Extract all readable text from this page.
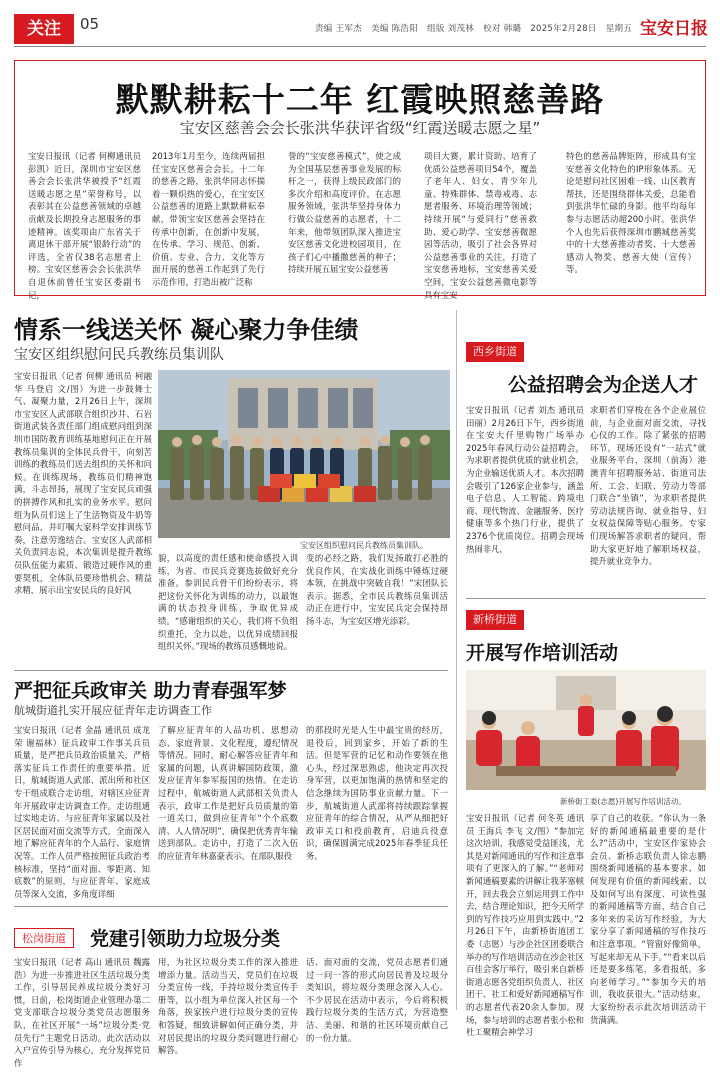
关注	05	责编 王军杰 美编 陈浩阳 组版 刘茂林 校对 韩璐 2025年2月28日 星期五 宝安日报
默默耕耘十二年 红霞映照慈善路
宝安区慈善会会长张洪华获评省级“红霞送暖志愿之星”
宝安日报讯（记者 何柳通讯员 彭凯）近日，深圳市宝安区慈善会会长张洪华被授予“红霞送暖志愿之星”荣誉称号，以表彰其在公益慈善领域的卓越贡献及长期投身志愿服务的事迹精神。该奖项由广东省关于离退休干部开展“银龄行动”的评选，全省仅38名志愿者上榜。宝安区慈善会会长张洪华自退休前曾任宝安区委副书记，
2013年1月至今，连续两届担任宝安区慈善会会长。十二年的慈善之路，张洪华同志怀揣着一颗炽热的爱心，在宝安区公益慈善的道路上默默耕耘奉献，带领宝安区慈善会坚持在传承中创新，在创新中发展，在传承、学习、规范、创新、价值、专业、合力、文化等方面开展的慈善工作起到了先行示范作用，打造出被广泛称
誉的“宝安慈善模式”，使之成为全国基层慈善事业发展的标杆之一，获得上级民政部门的多次介绍和高度评价。在志愿服务领域，张洪华坚持身体力行做公益慈善的志愿者，十二年来，他带领团队深入推进宝安区慈善文化进校园项目，在孩子们心中播撒慈善的种子；持续开展五届宝安公益慈善
项目大赛，累计资助、培育了优质公益慈善项目54个，覆盖了老年人、妇女、青少年儿童、特殊群体、禁毒戒毒、志愿者服务、环境治理等领域；持续开展“与爱同行”慈善救助、爱心助学、宝安慈善微愿园等活动，吸引了社会各界对公益慈善事业的关注，打造了宝安慈善地标，宝安慈善关爱空间，宝安公益慈善微电影等具有宝安
特色的慈善品牌矩阵，形成具有宝安慈善文化特色的IP形象体系。无论是慰问社区困难一线、山区教育帮扶，还是围绕群体关爱，总能看到张洪华忙碌的身影。他平均每年参与志愿活动超200小时。张洪华个人也先后获得深圳市鹏城慈善奖中的十大慈善推动者奖、十大慈善感动人物奖、慈善大使（宣传）等。
情系一线送关怀 凝心聚力争佳绩
宝安区组织慰问民兵教练员集训队
宝安区组织慰问民兵教练员集训队。
宝安日报讯（记者 何柳 通讯员 柯融华 马登启 文/图）为进一步鼓舞士气、凝聚力量，2月26日上午，深圳市宝安区人武部联合组织沙井、石岩街道武装各责任部门组成慰问组到深圳市国防教育训练基地慰问正在开展教练员集训的全体民兵骨干，向刻苦训练的教练员们送去组织的关怀和问候。在训练现场，教练员们精神饱满，斗志昂扬，展现了宝安民兵顽强的拼搏作风和扎实的业务水平。慰问组为队员们送上了生活物资及牛奶等慰问品，并叮嘱大家科学安排训练节奏，注意劳逸结合。宝安区人武部相关负责同志说，本次集训是提升教练员队伍能力素质、锻造过硬作风的重要契机，全体队员要珍惜机会、精益求精，展示出宝安民兵的良好风
貌，以高度的责任感和使命感投入训练，为省、市民兵竞赛选拔做好充分准备。参训民兵骨干们纷纷表示，将把这份关怀化为训练的动力，以最饱满的状态投身训练，争取优异成绩。“感谢组织的关心，我们将不负组织重托，全力以赴，以优异成绩回报组织关怀。”现场的教练员感慨地说。
变的必经之路，我们发扬敢打必胜的优良作风，在实战化训练中锤炼过硬本领，在挑战中突破自我！”宋团队长表示。据悉，全市民兵教练员集训活动正在进行中，宝安民兵定会保持昂扬斗志，为宝安区增光添彩。
西乡街道
公益招聘会为企送人才
宝安日报讯（记者 刘杰 通讯员 田丽）2月26日下午，西乡街道在宝安大仟里购物广场举办2025年春风行动公益招聘会，为求职者提供优质的就业机会，为企业输送优质人才。本次招聘会吸引了126家企业参与，涵盖电子信息、人工智能、跨境电商、现代物流、金融服务、医疗健康等多个热门行业，提供了2376个优质岗位。招聘会现场热闹非凡，
求职者们穿梭在各个企业展位前，与企业面对面交流，寻找心仪的工作。除了紧张的招聘环节，现场还设有“一站式”就业服务平台，深圳（前海）港澳青年招聘服务站、街道司法所、工会、妇联、劳动力等部门联合“坐镇”，为求职者提供劳动法规咨询、就业指导、妇女权益保障等贴心服务。专家们现场解答求职者的疑问，帮助大家更好地了解职场权益，提升就业竞争力。
新桥街道
开展写作培训活动
新桥街工委(志愿)开展写作培训活动。
宝安日报讯（记者 何冬英 通讯员 王海兵 李飞 文/图）“参加完这次培训，我感觉受益匪浅，尤其是对新闻通讯的写作和注意事项有了更深入的了解。”“老师对新闻通稿要素的讲解让我茅塞顿开，回去我会立刻运用到工作中去，结合理论知识，把今天所学到的写作技巧应用到实践中。”2月26日下午，由新桥街道团工委（志愿）与沙企社区团委联合举办的写作培训活动在沙企社区百佳会客厅举行，吸引来自新桥街道志愿各党组织负责人、社区团干、社工和爱好新闻通稿写作的志愿者代表20余人参加。现场，参与培训的志愿者张小松和杜工聚精会神学习
享了自己的收获。“你认为一条好的新闻通稿最重要的是什么?”活动中，宝安区作家协会会员、新桥志联负责人徐志鹏围绕新闻通稿的基本要求、如何发现有价值的新闻线索、以及如何写出有深度、可读性强的新闻通稿等方面，结合自己多年来的采访写作经验，为大家分享了新闻通稿的写作技巧和注意事项。“管窗好像简单，写起来却无从下手。”“看来以后还是要多练笔，多看报纸，多向老师学习。”“参加今天的培训，我收获很大。”活动结束，大家纷纷表示此次培训活动干货满满。
严把征兵政审关 助力青春强军梦
航城街道扎实开展应征青年走访调查工作
宝安日报讯（记者 金晶 通讯员 成龙荣 谢福林）征兵政审工作事关兵员质量，是严把兵员政治质量关，严格落实征兵工作责任的重要举措。近日，航城街道人武部、派出所和社区专干组成联合走访组，对辖区应征青年开展政审走访调查工作。走访组通过实地走访、与应征青年家属以及社区居民面对面交流等方式，全面深入地了解应征青年的个人品行、家庭情况等。工作人员严格按照征兵政治考核标准，坚持“面对面、零距离、知底数”的原则，与应征青年、家庭成员等深入交流，多角度详细
了解应征青年的人品功机、思想动态、家庭背景、文化程度，遵纪情况等情况。同时，耐心解答应征青年和家属的问题，认真讲解国防政策，激发应征青年参军报国的热情。在走访过程中，航城街道人武部相关负责人表示，政审工作是把好兵员质量的第一道关口，做到应征青年“个个底数清、人人情况明”，确保把优秀青年输送到部队。走访中，打造了二次入伍的应征青年林嘉豪表示，在部队服役
的那段时光是人生中最宝贵的经历，退役后，回到家乡，开始了新的生活。但是军营的记忆和动作要领在他心头，经过深思熟虑，他决定再次投身军营，以更加饱满的热情和坚定的信念继续为国防事业贡献力量。下一步，航城街道人武部将持续跟踪掌握应征青年的综合情况，从严从细把好政审关口和役前教育，启迪兵役意识，确保圆满完成2025年春季征兵任务。
松岗街道	党建引领助力垃圾分类
宝安日报讯（记者 高山 通讯员 魏露浩）为进一步推进社区生活垃圾分类工作，引导居民养成垃圾分类好习惯，日前，松岗街道企业管理办第二党支部联合垃圾分类党员志愿服务队，在社区开展“一场”垃圾分类·党员先行”主题党日活动。此次活动以入户宣传引导为核心，充分发挥党员作
用，为社区垃圾分类工作的深入推进增添力量。活动当天，党员们在垃圾分类宣传一线，手持垃圾分类宣传手册等，以小组为单位深入社区每一个角落，挨家挨户进行垃圾分类的宣传和答疑，细致讲解如何正确分类，并对居民提出的垃圾分类问题进行耐心解答。
话、面对面的交流，党员志愿者们通过一问一答的形式向居民普及垃圾分类知识，将垃圾分类理念深入人心。不少居民在活动中表示，今后将积极践行垃圾分类的生活方式，为营造整洁、美丽、和谐的社区环境贡献自己的一份力量。
